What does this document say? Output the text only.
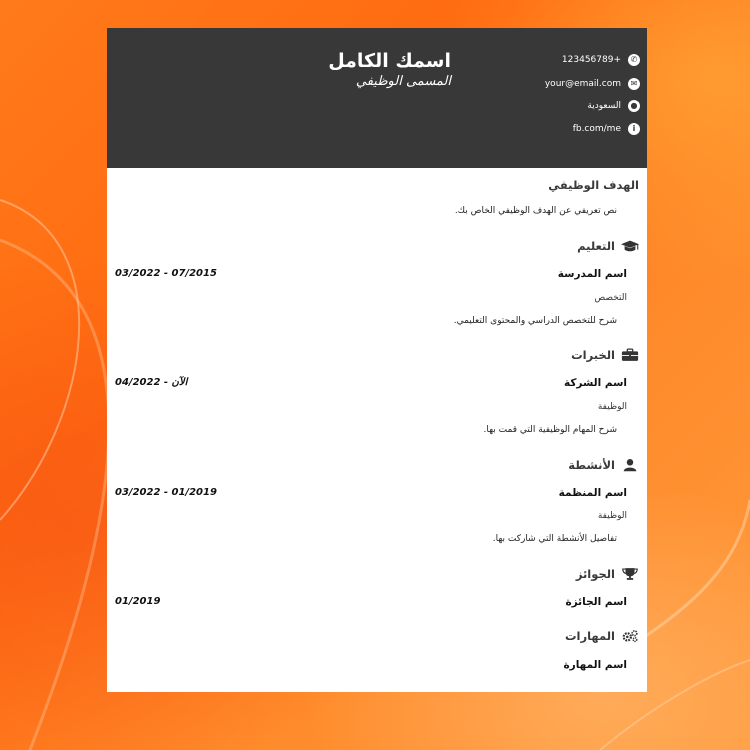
اسمك الكامل
المسمى الوظيفي
✆
123456789+
✉
your@email.com
●
السعودية
i
fb.com/me
الهدف الوظيفي
نص تعريفي عن الهدف الوظيفي الخاص بك.
التعليم
اسم المدرسة
03/2022 - 07/2015
التخصص
شرح للتخصص الدراسي والمحتوى التعليمي.
الخبرات
اسم الشركة
04/2022 - الآن
الوظيفة
شرح المهام الوظيفية التي قمت بها.
الأنشطة
اسم المنظمة
03/2022 - 01/2019
الوظيفة
تفاصيل الأنشطة التي شاركت بها.
الجوائز
اسم الجائزة
01/2019
المهارات
اسم المهارة
